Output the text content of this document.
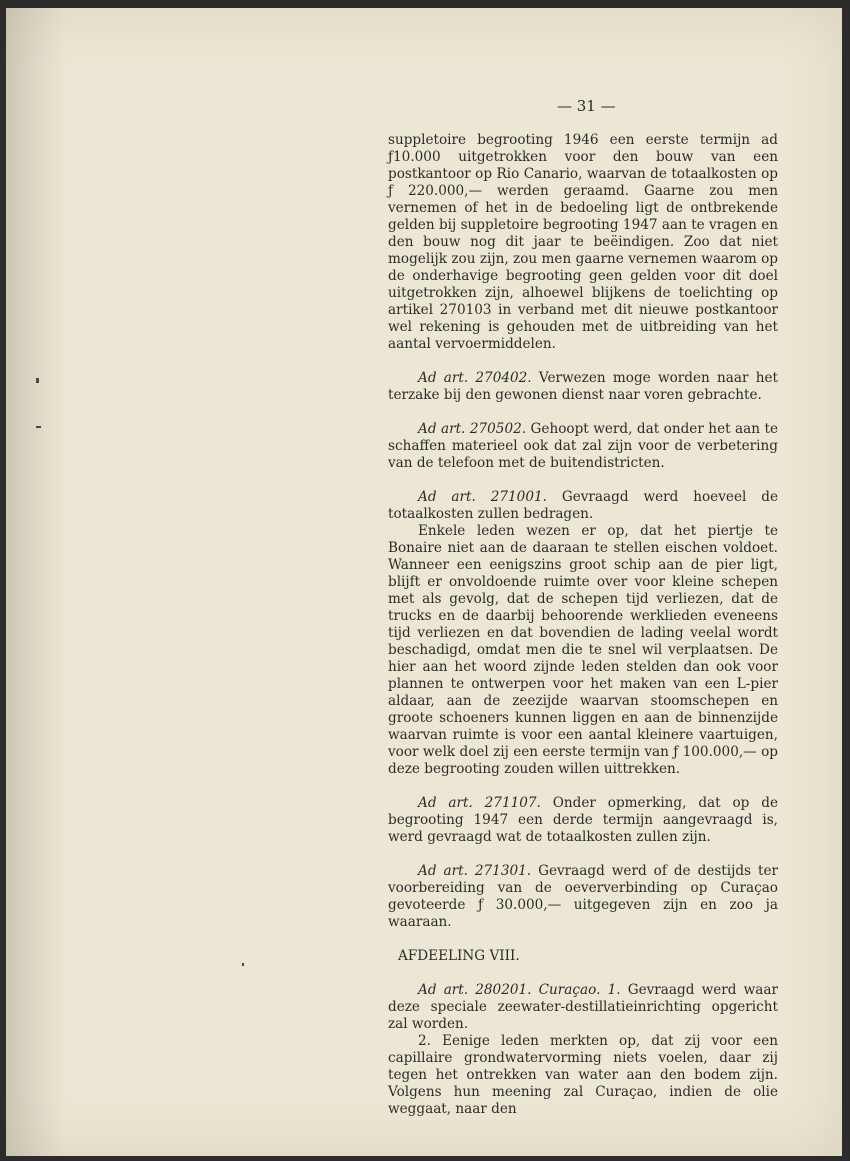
— 31 —

suppletoire begrooting 1946 een eerste termijn ad ƒ10.000 uitgetrokken voor den bouw van een postkantoor op Rio Canario, waarvan de totaalkosten op ƒ 220.000,— werden geraamd. Gaarne zou men vernemen of het in de bedoeling ligt de ontbrekende gelden bij suppletoire begrooting 1947 aan te vragen en den bouw nog dit jaar te beëindigen. Zoo dat niet mogelijk zou zijn, zou men gaarne vernemen waarom op de onderhavige begrooting geen gelden voor dit doel uitgetrokken zijn, alhoewel blijkens de toelichting op artikel 270103 in verband met dit nieuwe postkantoor wel rekening is gehouden met de uitbreiding van het aantal vervoermiddelen.

Ad art. 270402. Verwezen moge worden naar het terzake bij den gewonen dienst naar voren gebrachte.

Ad art. 270502. Gehoopt werd, dat onder het aan te schaffen materieel ook dat zal zijn voor de verbetering van de telefoon met de buitendistricten.

Ad art. 271001. Gevraagd werd hoeveel de totaalkosten zullen bedragen.

Enkele leden wezen er op, dat het piertje te Bonaire niet aan de daaraan te stellen eischen voldoet. Wanneer een eenigszins groot schip aan de pier ligt, blijft er onvoldoende ruimte over voor kleine schepen met als gevolg, dat de schepen tijd verliezen, dat de trucks en de daarbij behoorende werklieden eveneens tijd verliezen en dat bovendien de lading veelal wordt beschadigd, omdat men die te snel wil verplaatsen. De hier aan het woord zijnde leden stelden dan ook voor plannen te ontwerpen voor het maken van een L-pier aldaar, aan de zeezijde waarvan stoomschepen en groote schoeners kunnen liggen en aan de binnenzijde waarvan ruimte is voor een aantal kleinere vaartuigen, voor welk doel zij een eerste termijn van ƒ 100.000,— op deze begrooting zouden willen uittrekken.

Ad art. 271107. Onder opmerking, dat op de begrooting 1947 een derde termijn aangevraagd is, werd gevraagd wat de totaalkosten zullen zijn.

Ad art. 271301. Gevraagd werd of de destijds ter voorbereiding van de oeververbinding op Curaçao gevoteerde ƒ 30.000,— uitgegeven zijn en zoo ja waaraan.

AFDEELING VIII.

Ad art. 280201. Curaçao. 1. Gevraagd werd waar deze speciale zeewater-destillatieinrichting opgericht zal worden.

2. Eenige leden merkten op, dat zij voor een capillaire grondwatervorming niets voelen, daar zij tegen het ontrekken van water aan den bodem zijn. Volgens hun meening zal Curaçao, indien de olie weggaat, naar den
